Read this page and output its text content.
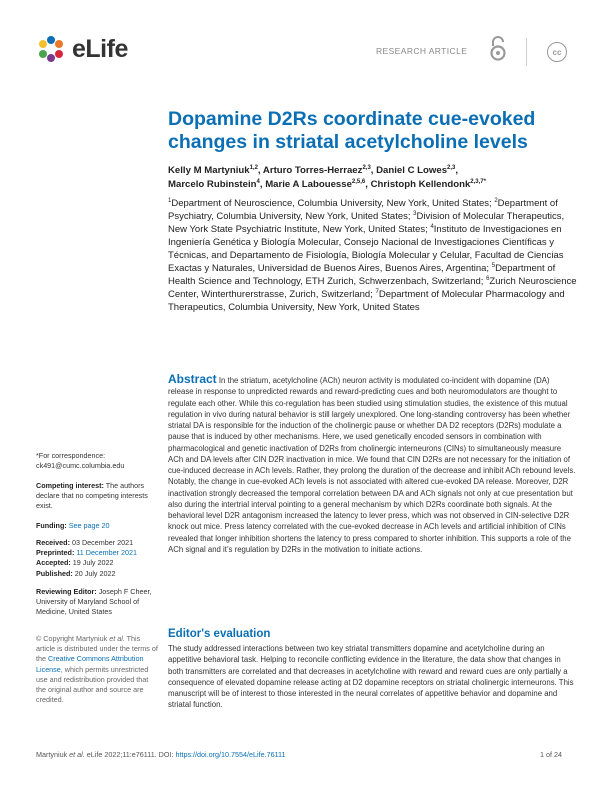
eLife	RESEARCH ARTICLE	cc
Dopamine D2Rs coordinate cue-evoked changes in striatal acetylcholine levels
Kelly M Martyniuk$^{1,2}$, Arturo Torres-Herraez$^{2,3}$, Daniel C Lowes$^{2,3}$,
Marcelo Rubinstein$^4$, Marie A Labouesse$^{2,5,6}$, Christoph Kellendonk$^{2,3,7*}$
$^1$Department of Neuroscience, Columbia University, New York, United States; $^2$Department of Psychiatry, Columbia University, New York, United States; $^3$Division of Molecular Therapeutics, New York State Psychiatric Institute, New York, United States; $^4$Instituto de Investigaciones en Ingeniería Genética y Biología Molecular, Consejo Nacional de Investigaciones Científicas y Técnicas, and Departamento de Fisiología, Biología Molecular y Celular, Facultad de Ciencias Exactas y Naturales, Universidad de Buenos Aires, Buenos Aires, Argentina; $^5$Department of Health Science and Technology, ETH Zurich, Schwerzenbach, Switzerland; $^6$Zurich Neuroscience Center, Winterthurerstrasse, Zurich, Switzerland; $^7$Department of Molecular Pharmacology and Therapeutics, Columbia University, New York, United States
Abstract In the striatum, acetylcholine (ACh) neuron activity is modulated co-incident with dopamine (DA) release in response to unpredicted rewards and reward-predicting cues and both neuromodulators are thought to regulate each other. While this co-regulation has been studied using stimulation studies, the existence of this mutual regulation in vivo during natural behavior is still largely unexplored. One long-standing controversy has been whether striatal DA is responsible for the induction of the cholinergic pause or whether DA D2 receptors (D2Rs) modulate a pause that is induced by other mechanisms. Here, we used genetically encoded sensors in combination with pharmacological and genetic inactivation of D2Rs from cholinergic interneurons (CINs) to simultaneously measure ACh and DA levels after CIN D2R inactivation in mice. We found that CIN D2Rs are not necessary for the initiation of cue-induced decrease in ACh levels. Rather, they prolong the duration of the decrease and inhibit ACh rebound levels. Notably, the change in cue-evoked ACh levels is not associated with altered cue-evoked DA release. Moreover, D2R inactivation strongly decreased the temporal correlation between DA and ACh signals not only at cue presentation but also during the intertrial interval pointing to a general mechanism by which D2Rs coordinate both signals. At the behavioral level D2R antagonism increased the latency to lever press, which was not observed in CIN-selective D2R knock out mice. Press latency correlated with the cue-evoked decrease in ACh levels and artificial inhibition of CINs revealed that longer inhibition shortens the latency to press compared to shorter inhibition. This supports a role of the ACh signal and it’s regulation by D2Rs in the motivation to initiate actions.
Editor's evaluation
The study addressed interactions between two key striatal transmitters dopamine and acetylcholine during an appetitive behavioral task. Helping to reconcile conflicting evidence in the literature, the data show that changes in both transmitters are correlated and that decreases in acetylcholine with reward and reward cues are only partially a consequence of elevated dopamine release acting at D2 dopamine receptors on striatal cholinergic interneurons. This manuscript will be of interest to those interested in the neural correlates of appetitive behavior and dopamine and striatal function.
*For correspondence:
ck491@cumc.columbia.edu
Competing interest: The authors declare that no competing interests exist.
Funding: See page 20
Received: 03 December 2021
Preprinted: 11 December 2021
Accepted: 19 July 2022
Published: 20 July 2022
Reviewing Editor: Joseph F Cheer, University of Maryland School of Medicine, United States
© Copyright Martyniuk et al. This article is distributed under the terms of the Creative Commons Attribution License, which permits unrestricted use and redistribution provided that the original author and source are credited.
Martyniuk et al. eLife 2022;11:e76111. DOI: https://doi.org/10.7554/eLife.76111	1 of 24
